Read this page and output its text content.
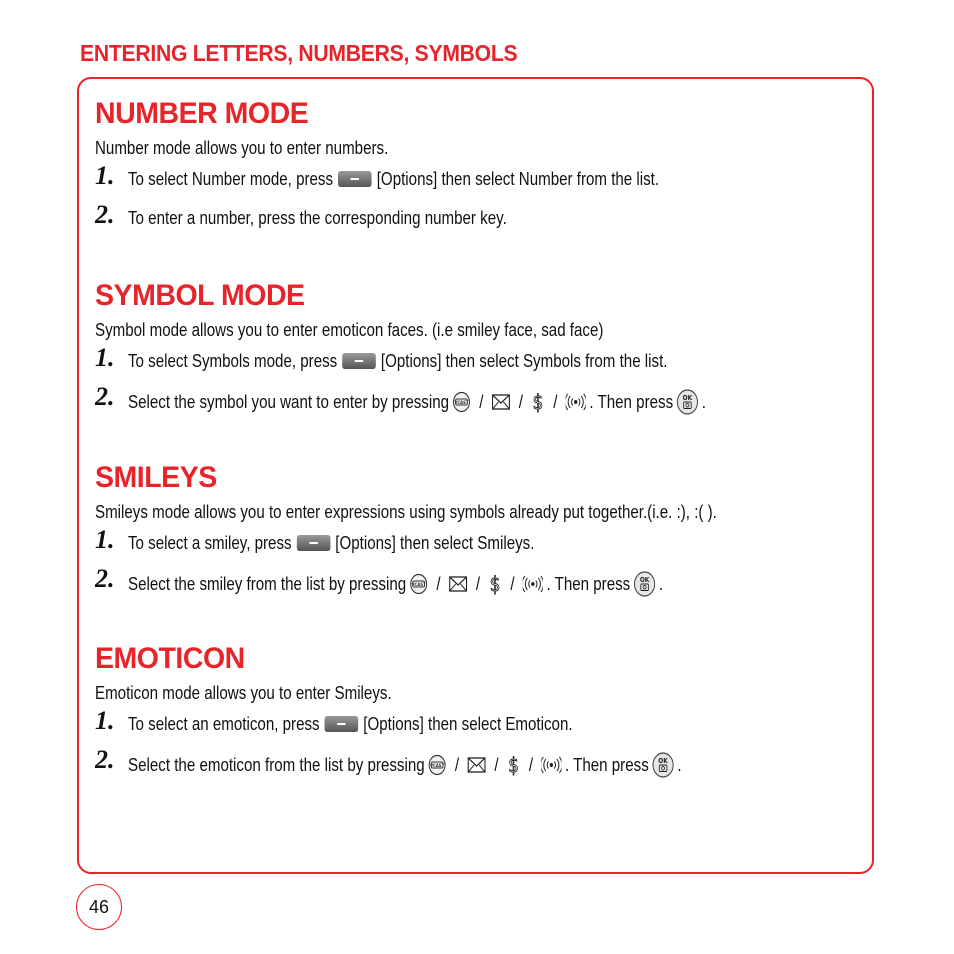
ENTERING LETTERS, NUMBERS, SYMBOLS
NUMBER MODE
Number mode allows you to enter numbers.
1. To select Number mode, press [Options] then select Number from the list.
2. To enter a number, press the corresponding number key.
SYMBOL MODE
Symbol mode allows you to enter emoticon faces. (i.e smiley face, sad face)
1. To select Symbols mode, press [Options] then select Symbols from the list.
2. Select the symbol you want to enter by pressing VCAST / / $ / . Then press OK .
SMILEYS
Smileys mode allows you to enter expressions using symbols already put together.(i.e. :), :( ).
1. To select a smiley, press [Options] then select Smileys.
2. Select the smiley from the list by pressing VCAST / / $ / . Then press OK .
EMOTICON
Emoticon mode allows you to enter Smileys.
1. To select an emoticon, press [Options] then select Emoticon.
2. Select the emoticon from the list by pressing VCAST / / $ / . Then press OK .
46
